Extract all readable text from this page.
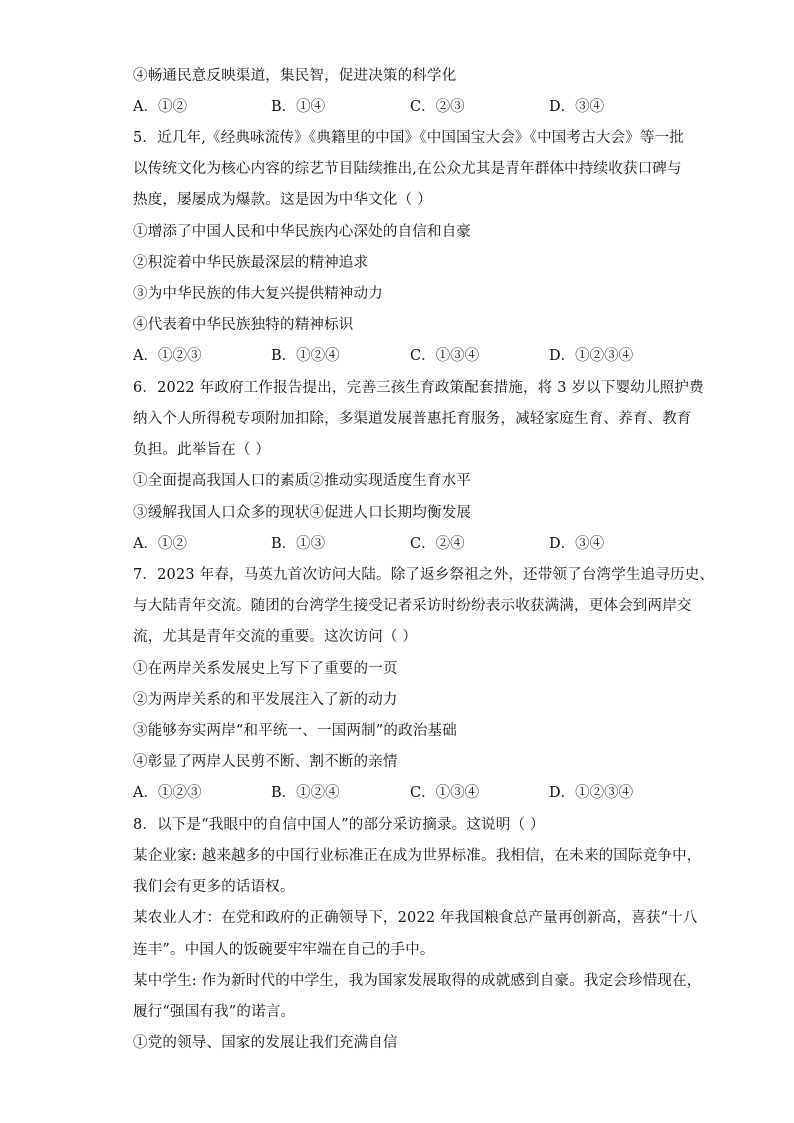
④畅通民意反映渠道，集民智，促进决策的科学化
A．①②	B．①④	C．②③	D．③④
5．近几年,《经典咏流传》《典籍里的中国》《中国国宝大会》《中国考古大会》等一批
以传统文化为核心内容的综艺节目陆续推出,在公众尤其是青年群体中持续收获口碑与
热度，屡屡成为爆款。这是因为中华文化（ ）
①增添了中国人民和中华民族内心深处的自信和自豪
②积淀着中华民族最深层的精神追求
③为中华民族的伟大复兴提供精神动力
④代表着中华民族独特的精神标识
A．①②③	B．①②④	C．①③④	D．①②③④
6．2022 年政府工作报告提出，完善三孩生育政策配套措施，将 3 岁以下婴幼儿照护费
纳入个人所得税专项附加扣除，多渠道发展普惠托育服务，减轻家庭生育、养育、教育
负担。此举旨在（ ）
①全面提高我国人口的素质②推动实现适度生育水平
③缓解我国人口众多的现状④促进人口长期均衡发展
A．①②	B．①③	C．②④	D．③④
7．2023 年春，马英九首次访问大陆。除了返乡祭祖之外，还带领了台湾学生追寻历史、
与大陆青年交流。随团的台湾学生接受记者采访时纷纷表示收获满满，更体会到两岸交
流，尤其是青年交流的重要。这次访问（ ）
①在两岸关系发展史上写下了重要的一页
②为两岸关系的和平发展注入了新的动力
③能够夯实两岸“和平统一、一国两制”的政治基础
④彰显了两岸人民剪不断、割不断的亲情
A．①②③	B．①②④	C．①③④	D．①②③④
8．以下是“我眼中的自信中国人”的部分采访摘录。这说明（ ）
某企业家: 越来越多的中国行业标准正在成为世界标准。我相信，在未来的国际竞争中，
我们会有更多的话语权。
某农业人才：在党和政府的正确领导下，2022 年我国粮食总产量再创新高，喜获“十八
连丰”。中国人的饭碗要牢牢端在自己的手中。
某中学生: 作为新时代的中学生，我为国家发展取得的成就感到自豪。我定会珍惜现在，
履行“强国有我”的诺言。
①党的领导、国家的发展让我们充满自信
